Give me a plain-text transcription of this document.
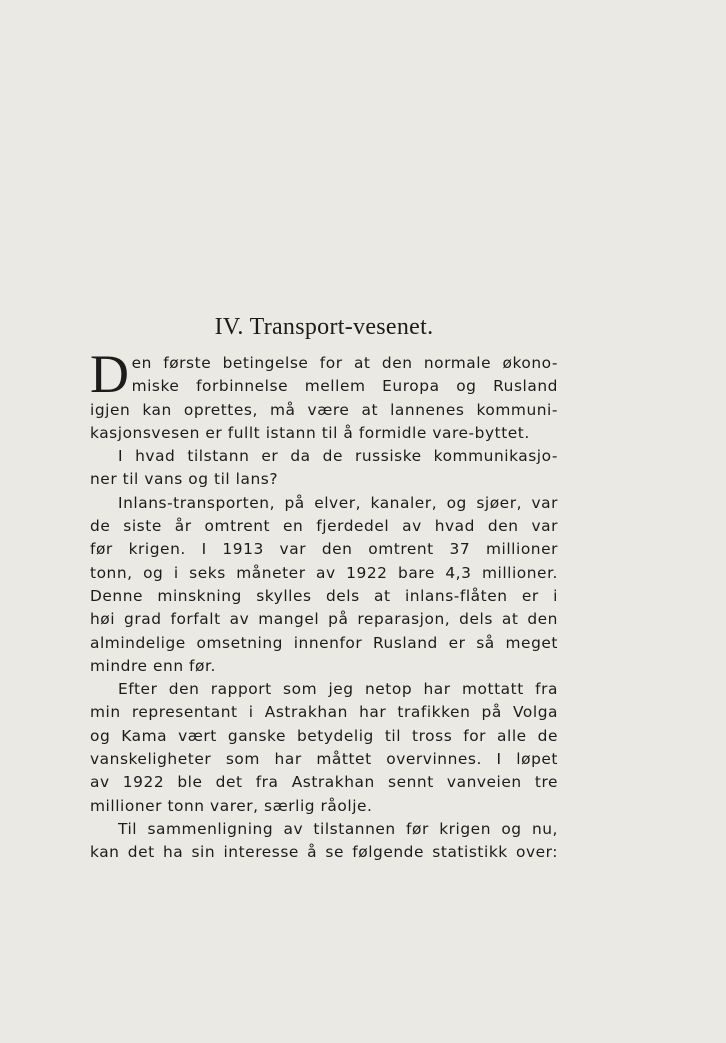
IV. Transport-vesenet.

D en første betingelse for at den normale økono-
miske forbinnelse mellem Europa og Rusland
igjen kan oprettes, må være at lannenes kommuni-
kasjonsvesen er fullt istann til å formidle vare-byttet.

I hvad tilstann er da de russiske kommunikasjo-
ner til vans og til lans?

Inlans-transporten, på elver, kanaler, og sjøer, var
de siste år omtrent en fjerdedel av hvad den var
før krigen. I 1913 var den omtrent 37 millioner
tonn, og i seks måneter av 1922 bare 4,3 millioner.
Denne minskning skylles dels at inlans-flåten er i
høi grad forfalt av mangel på reparasjon, dels at den
almindelige omsetning innenfor Rusland er så meget
mindre enn før.

Efter den rapport som jeg netop har mottatt fra
min representant i Astrakhan har trafikken på Volga
og Kama vært ganske betydelig til tross for alle de
vanskeligheter som har måttet overvinnes. I løpet
av 1922 ble det fra Astrakhan sennt vanveien tre
millioner tonn varer, særlig råolje.

Til sammenligning av tilstannen før krigen og nu,
kan det ha sin interesse å se følgende statistikk over:
